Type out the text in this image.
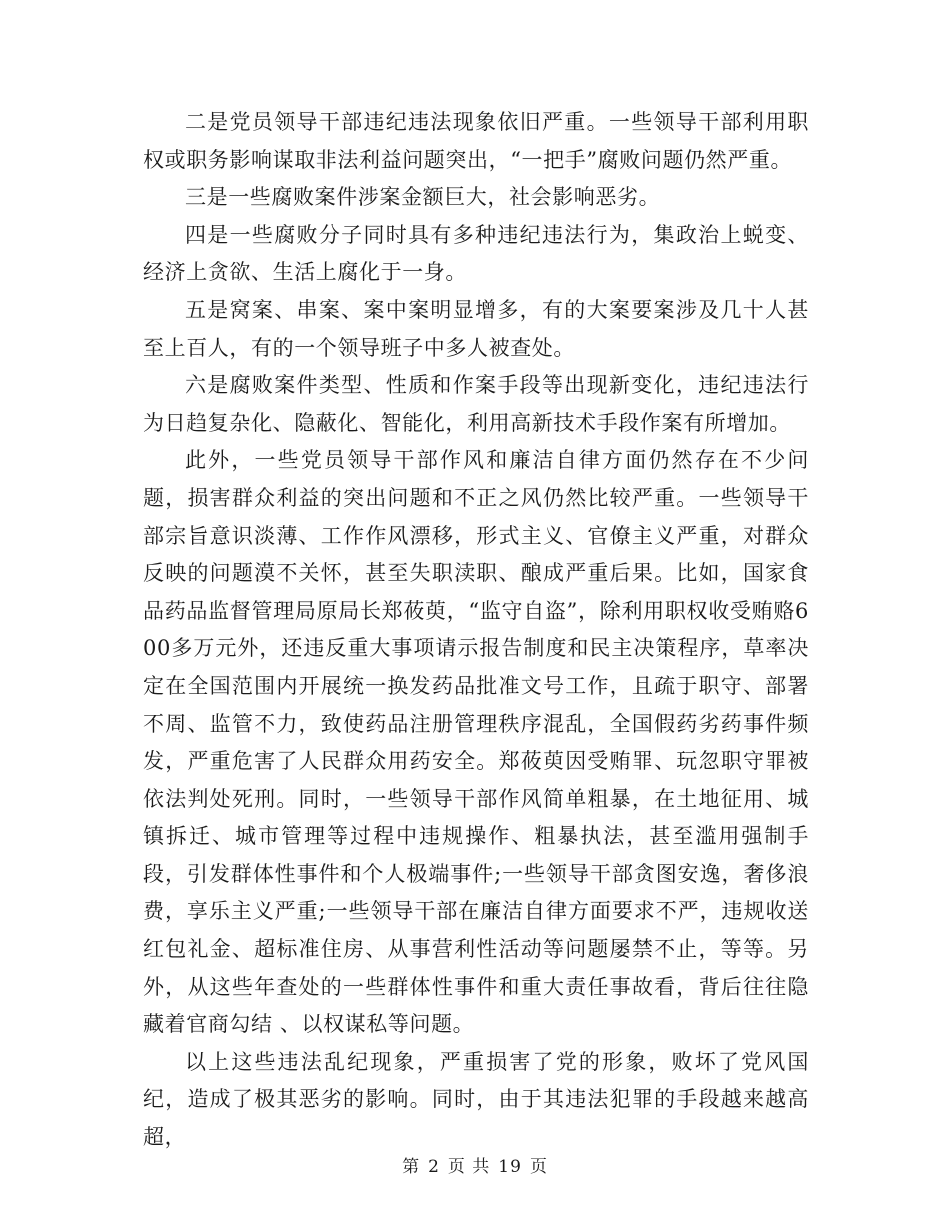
二是党员领导干部违纪违法现象依旧严重。一些领导干部利用职权或职务影响谋取非法利益问题突出，“一把手”腐败问题仍然严重。

三是一些腐败案件涉案金额巨大，社会影响恶劣。

四是一些腐败分子同时具有多种违纪违法行为，集政治上蜕变、经济上贪欲、生活上腐化于一身。

五是窝案、串案、案中案明显增多，有的大案要案涉及几十人甚至上百人，有的一个领导班子中多人被查处。

六是腐败案件类型、性质和作案手段等出现新变化，违纪违法行为日趋复杂化、隐蔽化、智能化，利用高新技术手段作案有所增加。

此外，一些党员领导干部作风和廉洁自律方面仍然存在不少问题，损害群众利益的突出问题和不正之风仍然比较严重。一些领导干部宗旨意识淡薄、工作作风漂移，形式主义、官僚主义严重，对群众反映的问题漠不关怀，甚至失职渎职、酿成严重后果。比如，国家食品药品监督管理局原局长郑莜萸，“监守自盗”，除利用职权收受贿赂600多万元外，还违反重大事项请示报告制度和民主决策程序，草率决定在全国范围内开展统一换发药品批准文号工作，且疏于职守、部署不周、监管不力，致使药品注册管理秩序混乱，全国假药劣药事件频发，严重危害了人民群众用药安全。郑莜萸因受贿罪、玩忽职守罪被依法判处死刑。同时，一些领导干部作风简单粗暴，在土地征用、城镇拆迁、城市管理等过程中违规操作、粗暴执法，甚至滥用强制手段，引发群体性事件和个人极端事件;一些领导干部贪图安逸，奢侈浪费，享乐主义严重;一些领导干部在廉洁自律方面要求不严，违规收送红包礼金、超标准住房、从事营利性活动等问题屡禁不止，等等。另外，从这些年查处的一些群体性事件和重大责任事故看，背后往往隐藏着官商勾结 、以权谋私等问题。

以上这些违法乱纪现象，严重损害了党的形象，败坏了党风国纪，造成了极其恶劣的影响。同时，由于其违法犯罪的手段越来越高超，

第 2 页 共 19 页
